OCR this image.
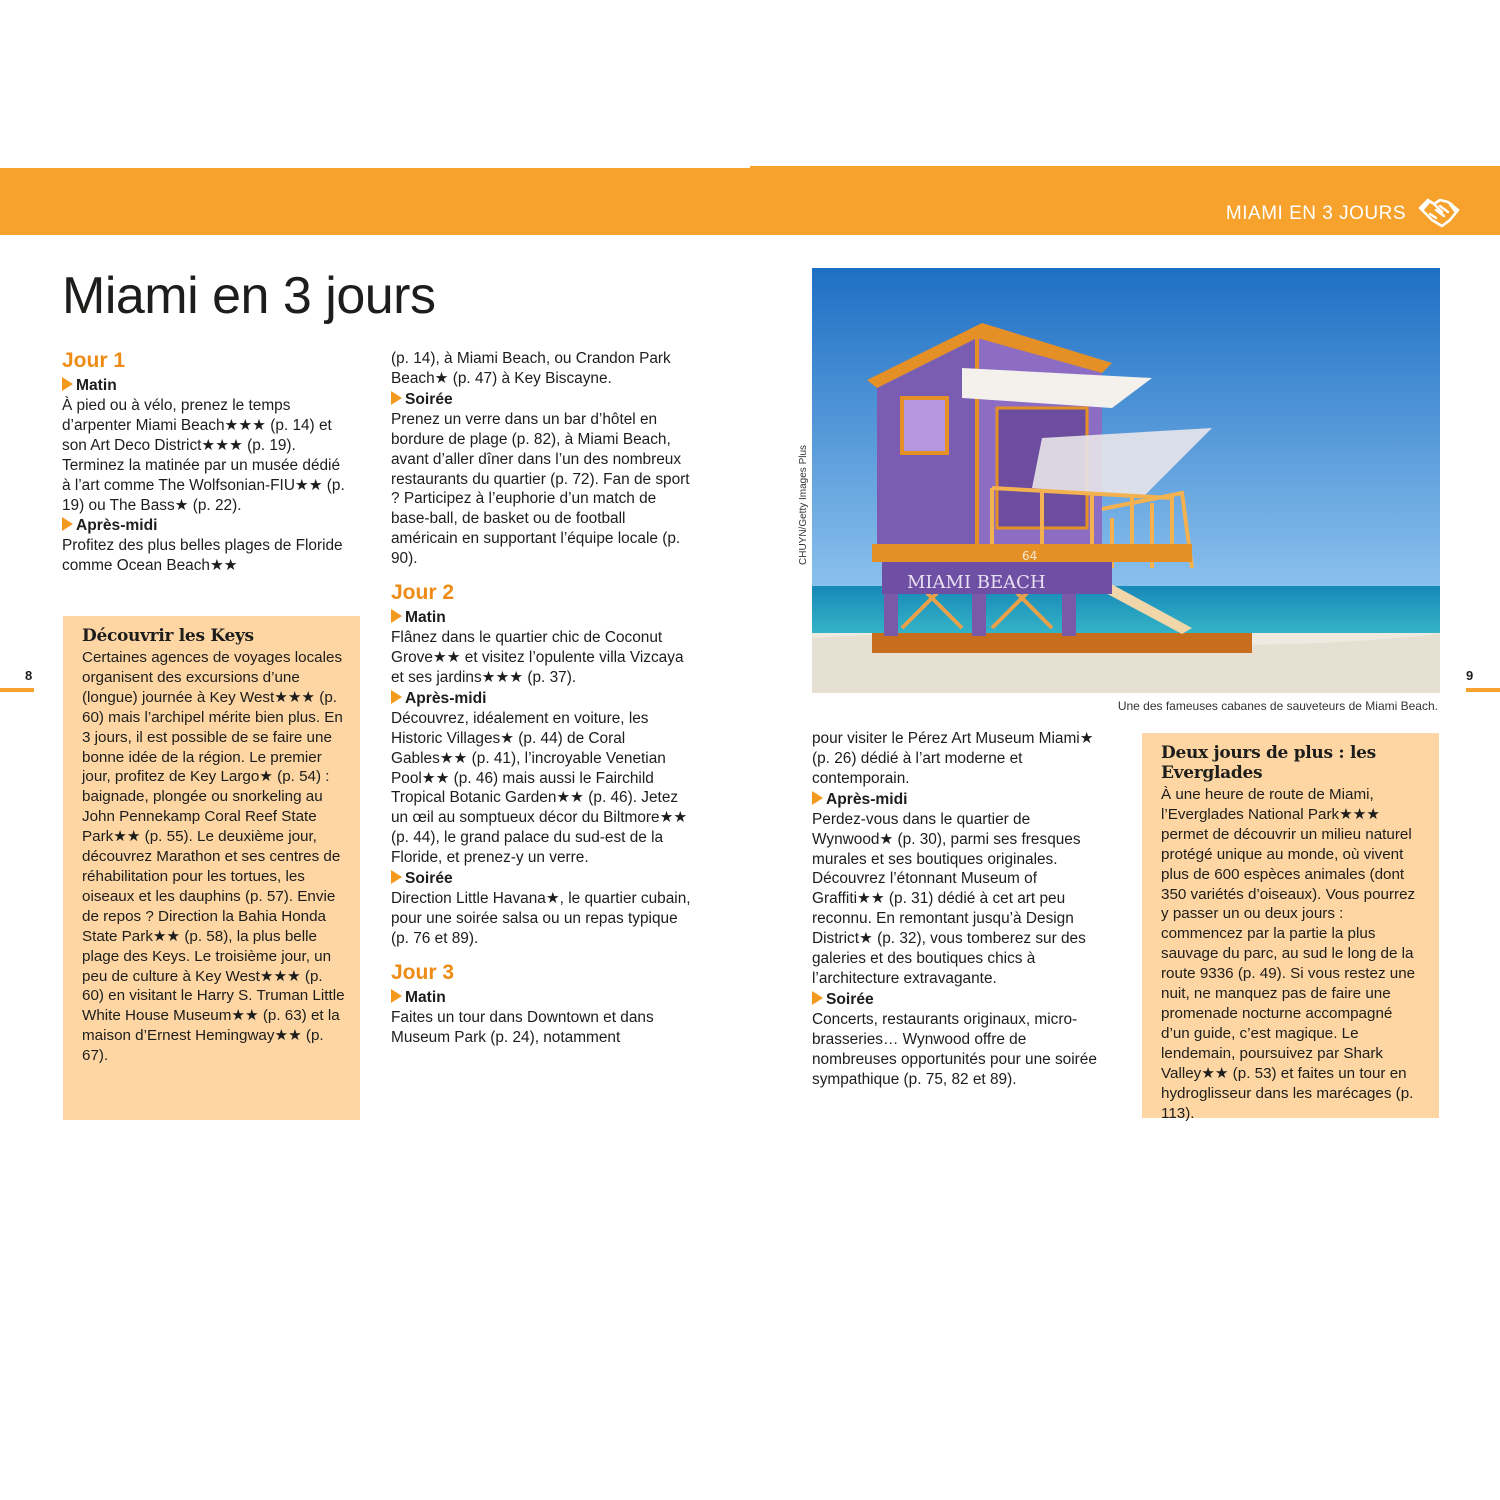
MIAMI EN 3 JOURS
Miami en 3 jours
Jour 1
Matin

À pied ou à vélo, prenez le temps d’arpenter Miami Beach★★★ (p. 14) et son Art Deco District★★★ (p. 19). Terminez la matinée par un musée dédié à l’art comme The Wolfsonian-FIU★★ (p. 19) ou The Bass★ (p. 22).

Après-midi

Profitez des plus belles plages de Floride comme Ocean Beach★★

Découvrir les Keys

Certaines agences de voyages locales organisent des excursions d’une (longue) journée à Key West★★★ (p. 60) mais l’archipel mérite bien plus. En 3 jours, il est possible de se faire une bonne idée de la région. Le premier jour, profitez de Key Largo★ (p. 54) : baignade, plongée ou snorkeling au John Pennekamp Coral Reef State Park★★ (p. 55). Le deuxième jour, découvrez Marathon et ses centres de réhabilitation pour les tortues, les oiseaux et les dauphins (p. 57). Envie de repos ? Direction la Bahia Honda State Park★★ (p. 58), la plus belle plage des Keys. Le troisième jour, un peu de culture à Key West★★★ (p. 60) en visitant le Harry S. Truman Little White House Museum★★ (p. 63) et la maison d’Ernest Hemingway★★ (p. 67).

(p. 14), à Miami Beach, ou Crandon Park Beach★ (p. 47) à Key Biscayne.

Soirée

Prenez un verre dans un bar d’hôtel en bordure de plage (p. 82), à Miami Beach, avant d’aller dîner dans l’un des nombreux restaurants du quartier (p. 72). Fan de sport ? Participez à l’euphorie d’un match de base-ball, de basket ou de football américain en supportant l’équipe locale (p. 90).

Jour 2
Matin

Flânez dans le quartier chic de Coconut Grove★★ et visitez l’opulente villa Vizcaya et ses jardins★★★ (p. 37).

Après-midi

Découvrez, idéalement en voiture, les Historic Villages★ (p. 44) de Coral Gables★★ (p. 41), l’incroyable Venetian Pool★★ (p. 46) mais aussi le Fairchild Tropical Botanic Garden★★ (p. 46). Jetez un œil au somptueux décor du Biltmore★★ (p. 44), le grand palace du sud-est de la Floride, et prenez-y un verre.

Soirée

Direction Little Havana★, le quartier cubain, pour une soirée salsa ou un repas typique (p. 76 et 89).

Jour 3
Matin

Faites un tour dans Downtown et dans Museum Park (p. 24), notamment

MIAMI BEACH
64
CHUYN/Getty Images Plus
Une des fameuses cabanes de sauveteurs de Miami Beach.

pour visiter le Pérez Art Museum Miami★ (p. 26) dédié à l’art moderne et contemporain.

Après-midi

Perdez-vous dans le quartier de Wynwood★ (p. 30), parmi ses fresques murales et ses boutiques originales. Découvrez l’étonnant Museum of Graffiti★★ (p. 31) dédié à cet art peu reconnu. En remontant jusqu’à Design District★ (p. 32), vous tomberez sur des galeries et des boutiques chics à l’architecture extravagante.

Soirée

Concerts, restaurants originaux, micro-brasseries… Wynwood offre de nombreuses opportunités pour une soirée sympathique (p. 75, 82 et 89).

Deux jours de plus : les Everglades

À une heure de route de Miami, l’Everglades National Park★★★ permet de découvrir un milieu naturel protégé unique au monde, où vivent plus de 600 espèces animales (dont 350 variétés d’oiseaux). Vous pourrez y passer un ou deux jours : commencez par la partie la plus sauvage du parc, au sud le long de la route 9336 (p. 49). Si vous restez une nuit, ne manquez pas de faire une promenade nocturne accompagné d’un guide, c’est magique. Le lendemain, poursuivez par Shark Valley★★ (p. 53) et faites un tour en hydroglisseur dans les marécages (p. 113).

8	9
